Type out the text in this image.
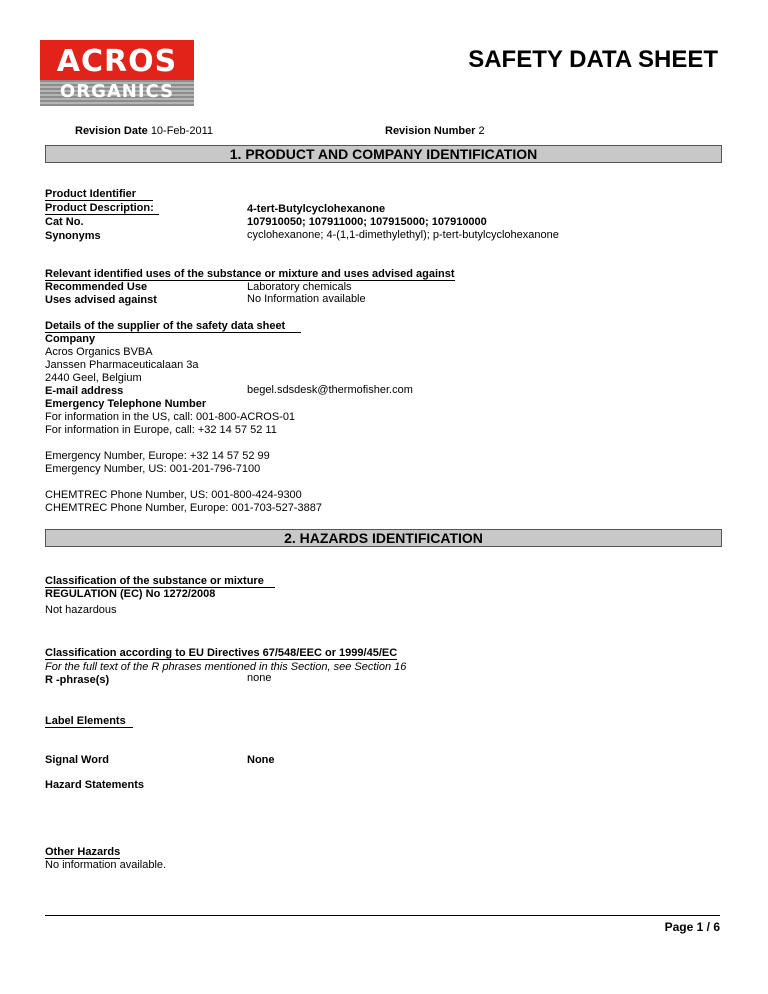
ACROS
ORGANICS
SAFETY DATA SHEET
Revision Date 10-Feb-2011	Revision Number 2
1. PRODUCT AND COMPANY IDENTIFICATION
Product Identifier
Product Description:	4-tert-Butylcyclohexanone
Cat No.	107910050; 107911000; 107915000; 107910000
Synonyms	cyclohexanone; 4-(1,1-dimethylethyl); p-tert-butylcyclohexanone
Relevant identified uses of the substance or mixture and uses advised against
Recommended Use	Laboratory chemicals
Uses advised against	No Information available
Details of the supplier of the safety data sheet
Company
Acros Organics BVBA
Janssen Pharmaceuticalaan 3a
2440 Geel, Belgium
E-mail address	begel.sdsdesk@thermofisher.com
Emergency Telephone Number
For information in the US, call: 001-800-ACROS-01
For information in Europe, call: +32 14 57 52 11
Emergency Number, Europe: +32 14 57 52 99
Emergency Number, US: 001-201-796-7100
CHEMTREC Phone Number, US: 001-800-424-9300
CHEMTREC Phone Number, Europe: 001-703-527-3887
2. HAZARDS IDENTIFICATION
Classification of the substance or mixture
REGULATION (EC) No 1272/2008
Not hazardous
Classification according to EU Directives 67/548/EEC or 1999/45/EC
For the full text of the R phrases mentioned in this Section, see Section 16
R -phrase(s)	none
Label Elements
Signal Word	None
Hazard Statements
Other Hazards
No information available.
Page 1 / 6
